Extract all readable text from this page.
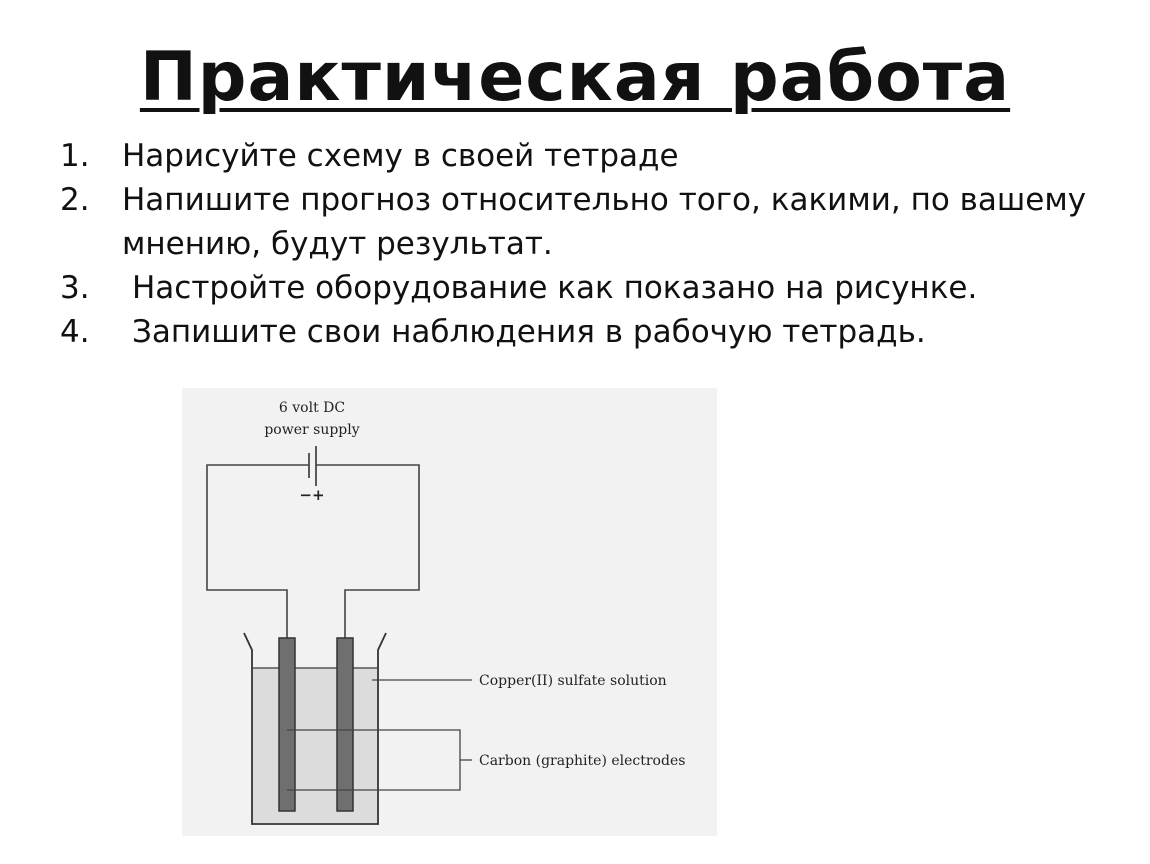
Практическая работа
1.	Нарисуйте схему в своей тетраде
2.	Напишите прогноз относительно того, какими, по вашему мнению, будут результат.
3.	Настройте оборудование как показано на рисунке.
4.	Запишите свои наблюдения в рабочую тетрадь.
6 volt DC
power supply
−+
Copper(II) sulfate solution
Carbon (graphite) electrodes
